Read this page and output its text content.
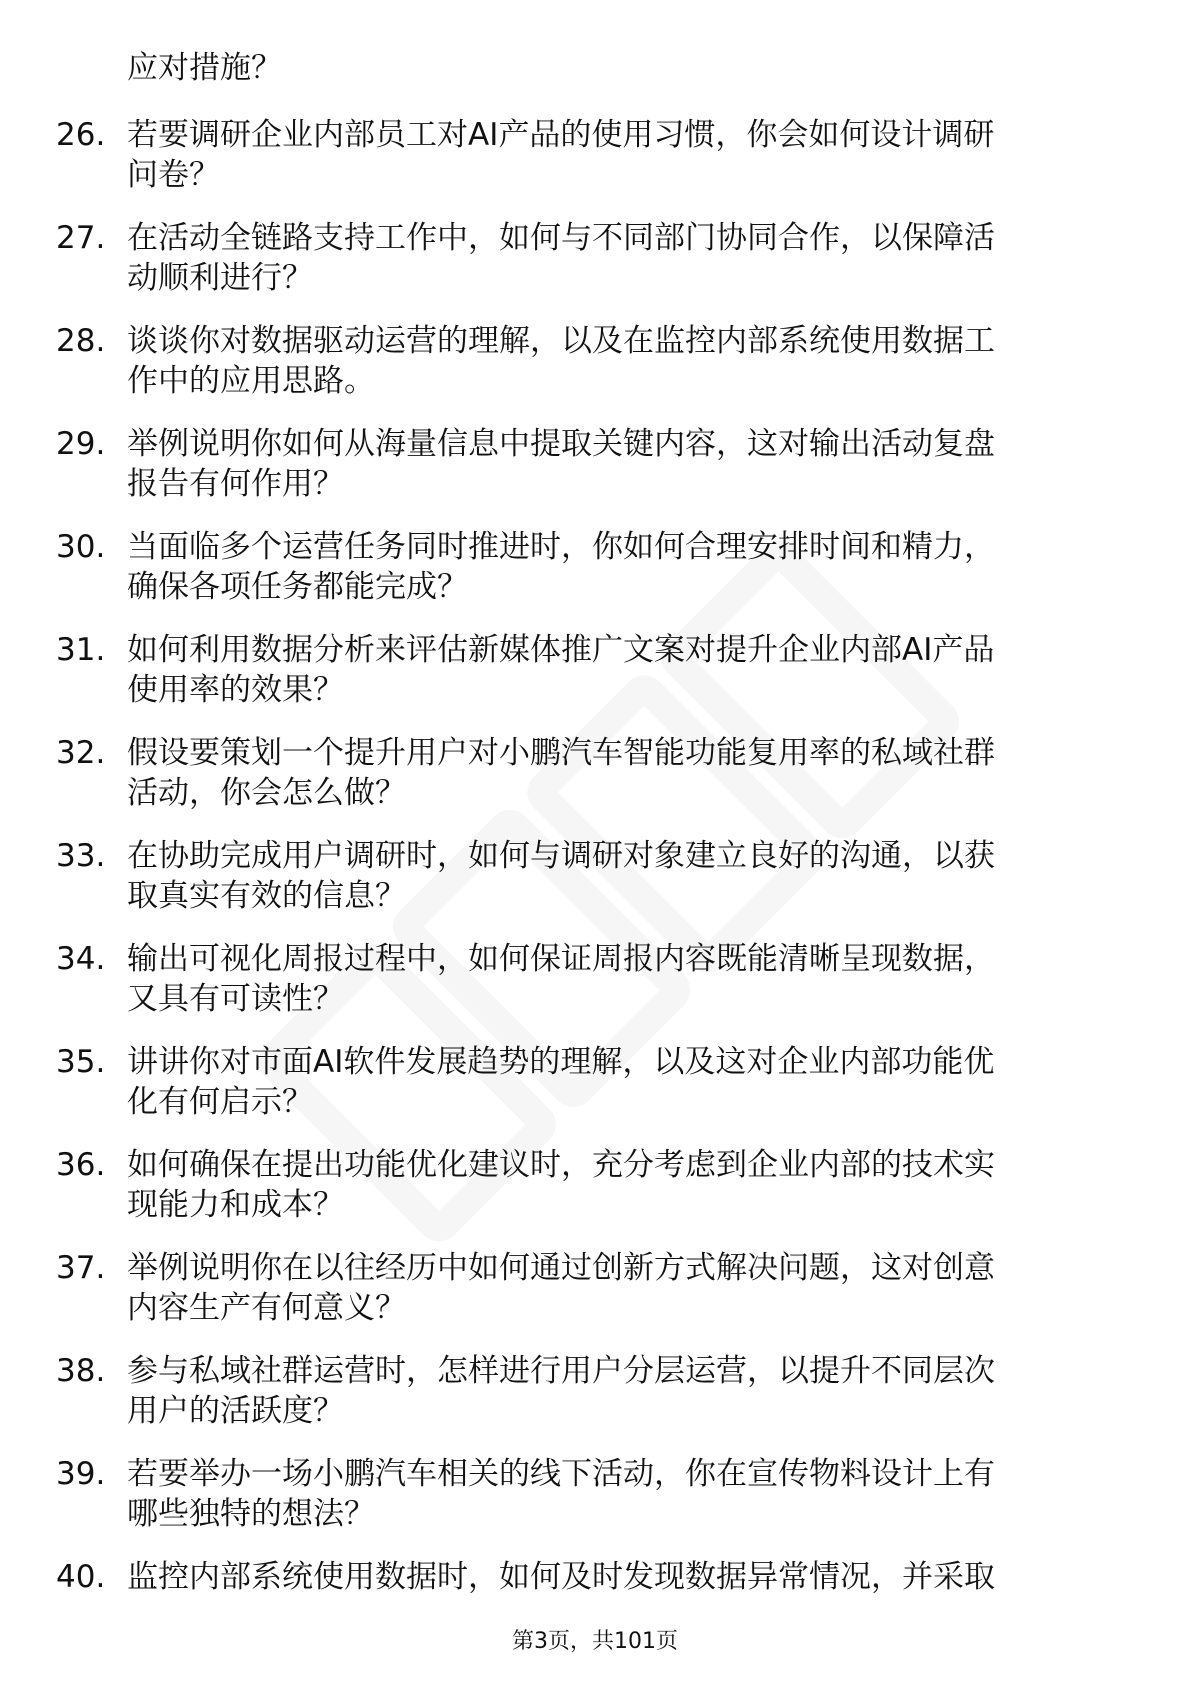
应对措施？
26. 若要调研企业内部员工对AI产品的使用习惯，你会如何设计调研
问卷？
27. 在活动全链路支持工作中，如何与不同部门协同合作，以保障活
动顺利进行？
28. 谈谈你对数据驱动运营的理解，以及在监控内部系统使用数据工
作中的应用思路。
29. 举例说明你如何从海量信息中提取关键内容，这对输出活动复盘
报告有何作用？
30. 当面临多个运营任务同时推进时，你如何合理安排时间和精力，
确保各项任务都能完成？
31. 如何利用数据分析来评估新媒体推广文案对提升企业内部AI产品
使用率的效果？
32. 假设要策划一个提升用户对小鹏汽车智能功能复用率的私域社群
活动，你会怎么做？
33. 在协助完成用户调研时，如何与调研对象建立良好的沟通，以获
取真实有效的信息？
34. 输出可视化周报过程中，如何保证周报内容既能清晰呈现数据，
又具有可读性？
35. 讲讲你对市面AI软件发展趋势的理解，以及这对企业内部功能优
化有何启示？
36. 如何确保在提出功能优化建议时，充分考虑到企业内部的技术实
现能力和成本？
37. 举例说明你在以往经历中如何通过创新方式解决问题，这对创意
内容生产有何意义？
38. 参与私域社群运营时，怎样进行用户分层运营，以提升不同层次
用户的活跃度？
39. 若要举办一场小鹏汽车相关的线下活动，你在宣传物料设计上有
哪些独特的想法？
40. 监控内部系统使用数据时，如何及时发现数据异常情况，并采取
第3页，共101页
